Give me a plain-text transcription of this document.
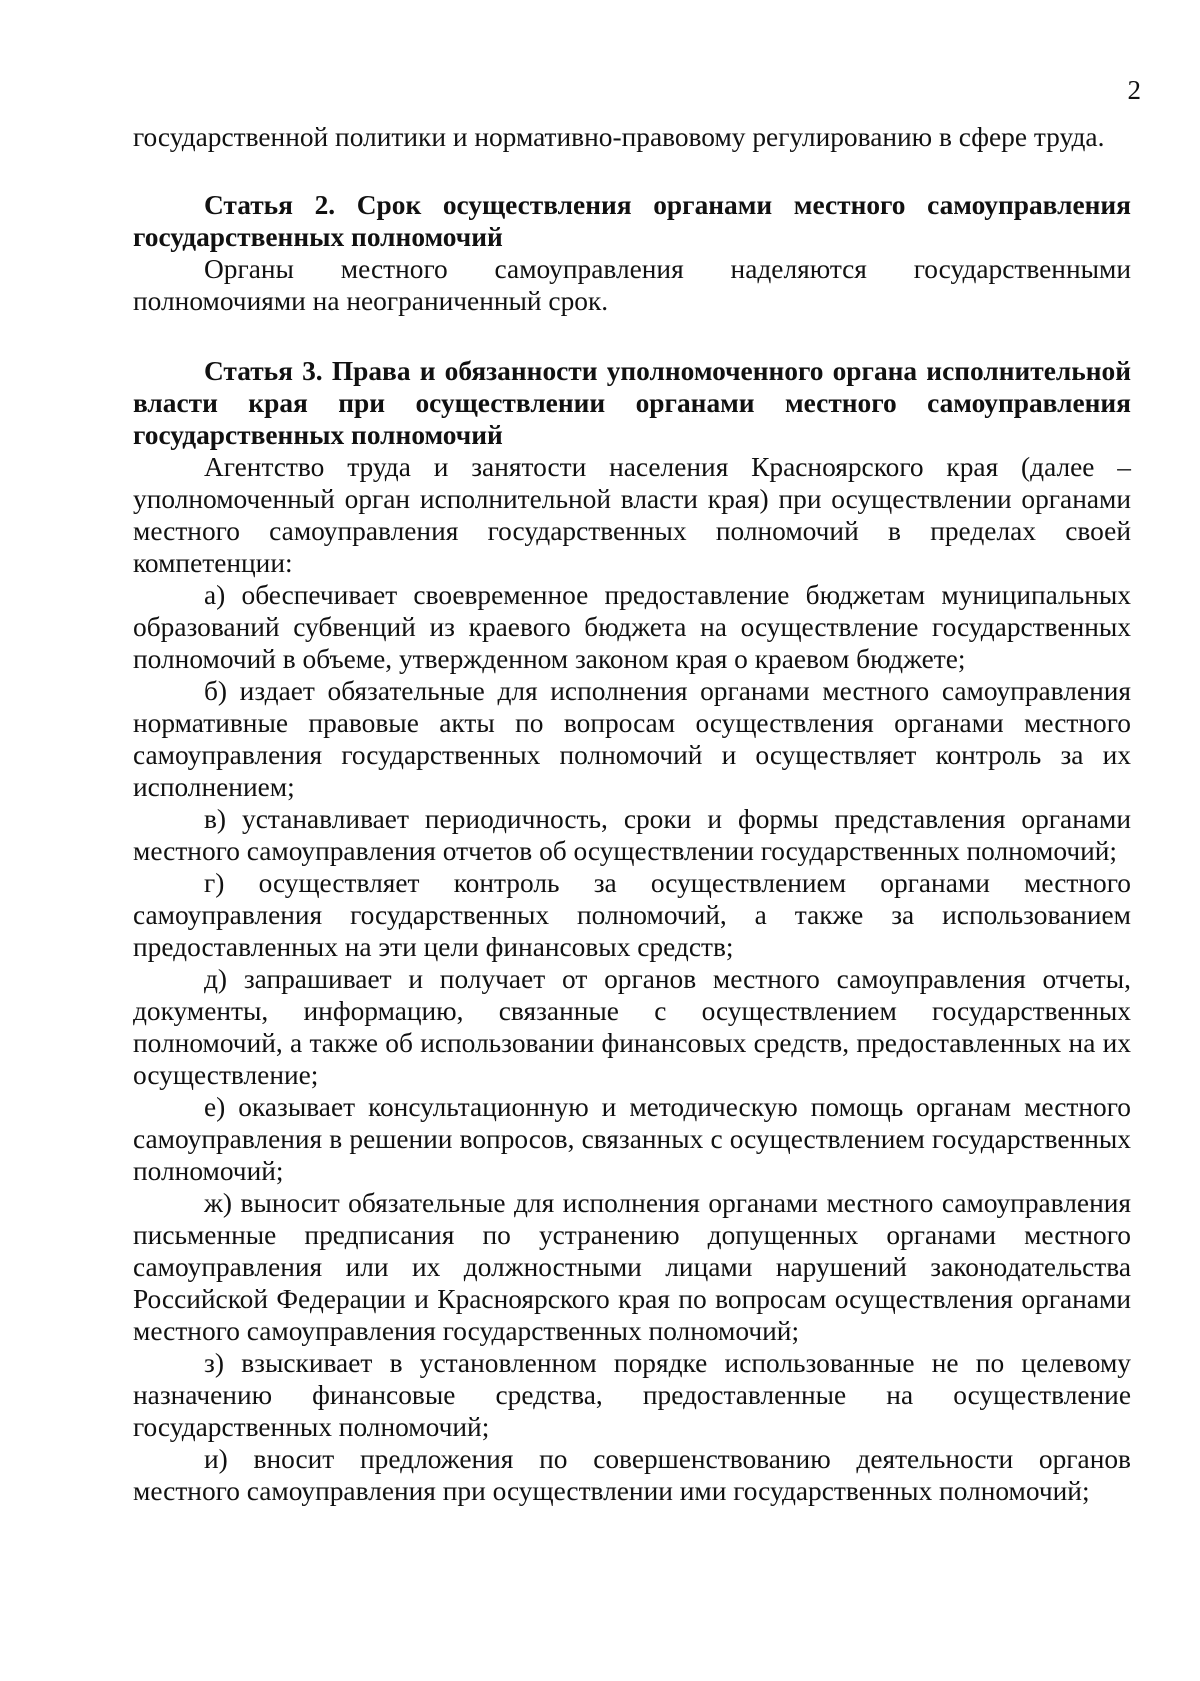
2

государственной политики и нормативно-правовому регулированию в сфере труда.

Статья 2. Срок осуществления органами местного самоуправления государственных полномочий

Органы местного самоуправления наделяются государственными полномочиями на неограниченный срок.

Статья 3. Права и обязанности уполномоченного органа исполнительной власти края при осуществлении органами местного самоуправления государственных полномочий

Агентство труда и занятости населения Красноярского края (далее – уполномоченный орган исполнительной власти края) при осуществлении органами местного самоуправления государственных полномочий в пределах своей компетенции:

а) обеспечивает своевременное предоставление бюджетам муниципальных образований субвенций из краевого бюджета на осуществление государственных полномочий в объеме, утвержденном законом края о краевом бюджете;

б) издает обязательные для исполнения органами местного самоуправления нормативные правовые акты по вопросам осуществления органами местного самоуправления государственных полномочий и осуществляет контроль за их исполнением;

в) устанавливает периодичность, сроки и формы представления органами местного самоуправления отчетов об осуществлении государственных полномочий;

г) осуществляет контроль за осуществлением органами местного самоуправления государственных полномочий, а также за использованием предоставленных на эти цели финансовых средств;

д) запрашивает и получает от органов местного самоуправления отчеты, документы, информацию, связанные с осуществлением государственных полномочий, а также об использовании финансовых средств, предоставленных на их осуществление;

е) оказывает консультационную и методическую помощь органам местного самоуправления в решении вопросов, связанных с осуществлением государственных полномочий;

ж) выносит обязательные для исполнения органами местного самоуправления письменные предписания по устранению допущенных органами местного самоуправления или их должностными лицами нарушений законодательства Российской Федерации и Красноярского края по вопросам осуществления органами местного самоуправления государственных полномочий;

з) взыскивает в установленном порядке использованные не по целевому назначению финансовые средства, предоставленные на осуществление государственных полномочий;

и) вносит предложения по совершенствованию деятельности органов местного самоуправления при осуществлении ими государственных полномочий;
